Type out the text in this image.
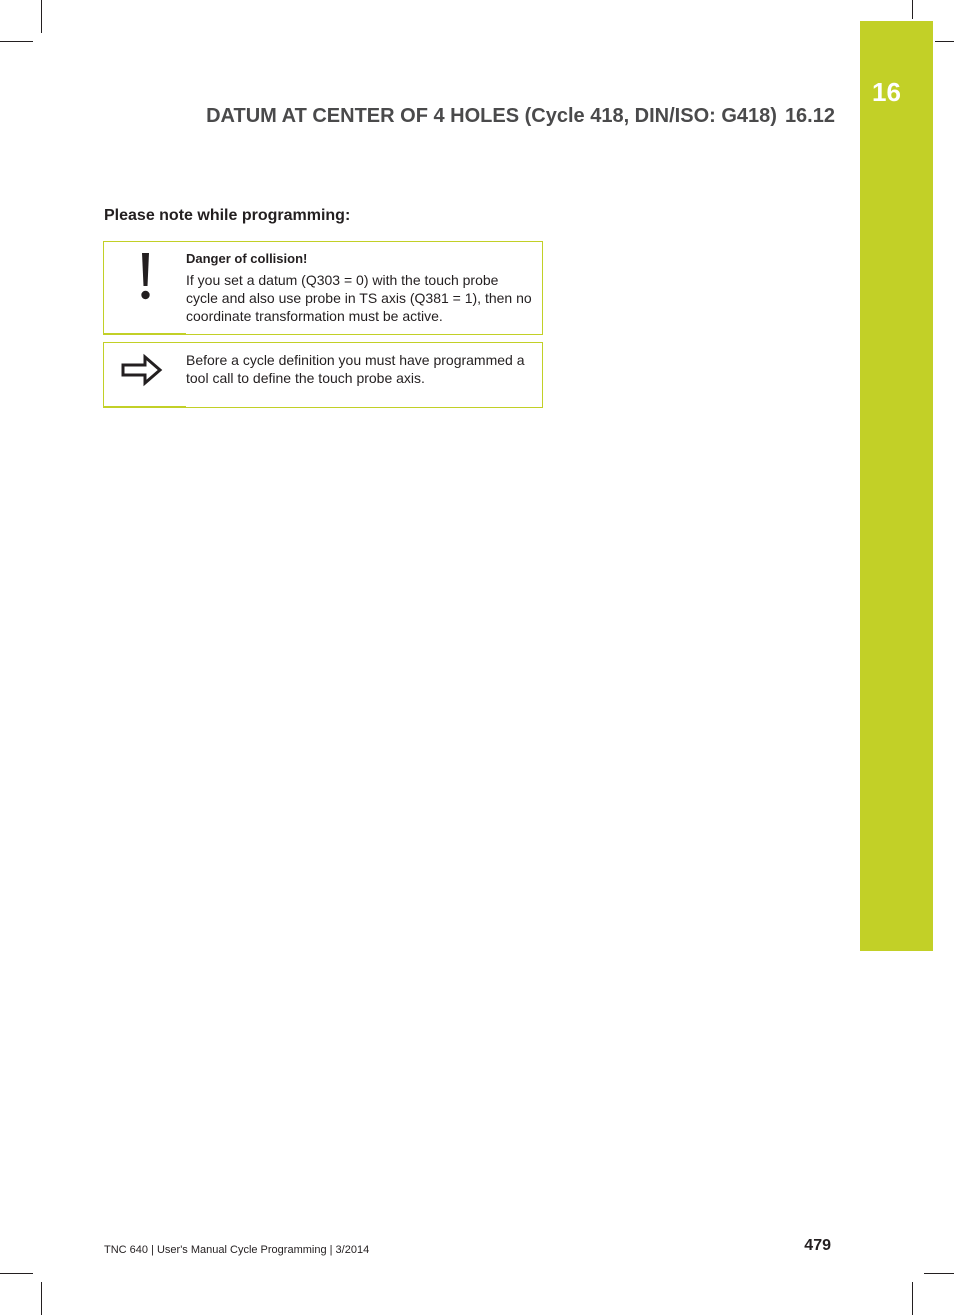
16
DATUM AT CENTER OF 4 HOLES (Cycle 418, DIN/ISO: G418) 16.12
Please note while programming:
Danger of collision!
If you set a datum (Q303 = 0) with the touch probe cycle and also use probe in TS axis (Q381 = 1), then no coordinate transformation must be active.
Before a cycle definition you must have programmed a tool call to define the touch probe axis.
TNC 640 | User's Manual Cycle Programming | 3/2014	479
